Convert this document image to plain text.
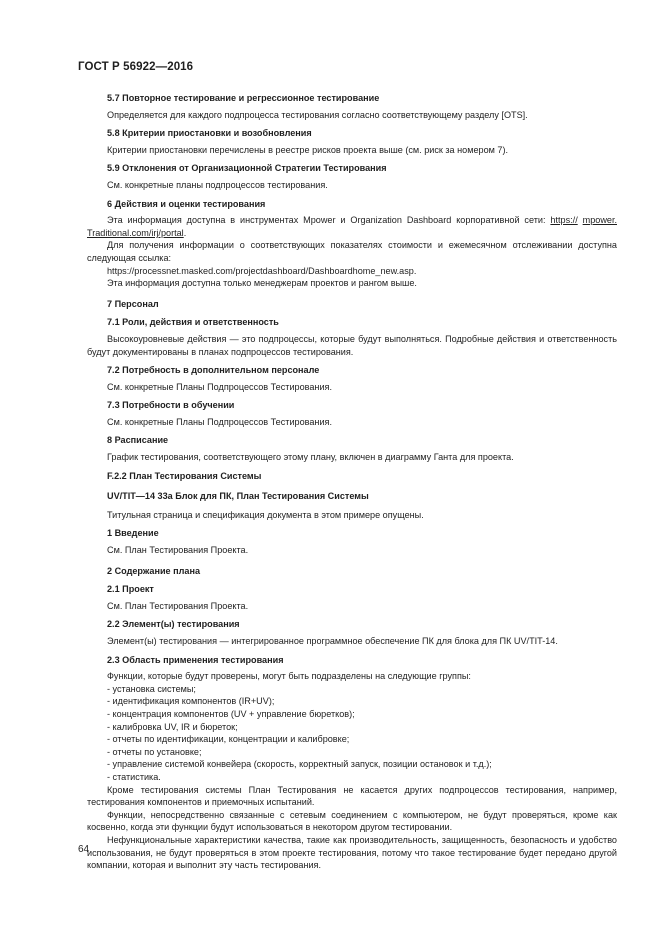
ГОСТ Р 56922—2016
5.7 Повторное тестирование и регрессионное тестирование

Определяется для каждого подпроцесса тестирования согласно соответствующему разделу [OTS].

5.8 Критерии приостановки и возобновления

Критерии приостановки перечислены в реестре рисков проекта выше (см. риск за номером 7).

5.9 Отклонения от Организационной Стратегии Тестирования

См. конкретные планы подпроцессов тестирования.

6 Действия и оценки тестирования

Эта информация доступна в инструментах Mpower и Organization Dashboard корпоративной сети: https:// mpower. Traditional.com/irj/portal.

Для получения информации о соответствующих показателях стоимости и ежемесячном отслеживании доступна следующая ссылка:

https://processnet.masked.com/projectdashboard/Dashboardhome_new.asp.

Эта информация доступна только менеджерам проектов и рангом выше.

7 Персонал
7.1 Роли, действия и ответственность

Высокоуровневые действия — это подпроцессы, которые будут выполняться. Подробные действия и ответственность будут документированы в планах подпроцессов тестирования.

7.2 Потребность в дополнительном персонале

См. конкретные Планы Подпроцессов Тестирования.

7.3 Потребности в обучении

См. конкретные Планы Подпроцессов Тестирования.

8 Расписание

График тестирования, соответствующего этому плану, включен в диаграмму Ганта для проекта.

F.2.2 План Тестирования Системы
UV/TIT—14 33а Блок для ПК, План Тестирования Системы

Титульная страница и спецификация документа в этом примере опущены.

1 Введение

См. План Тестирования Проекта.

2 Содержание плана
2.1 Проект

См. План Тестирования Проекта.

2.2 Элемент(ы) тестирования

Элемент(ы) тестирования — интегрированное программное обеспечение ПК для блока для ПК UV/TIT-14.

2.3 Область применения тестирования

Функции, которые будут проверены, могут быть подразделены на следующие группы:

- установка системы;

- идентификация компонентов (IR+UV);

- концентрация компонентов (UV + управление бюретков);

- калибровка UV, IR и бюреток;

- отчеты по идентификации, концентрации и калибровке;

- отчеты по установке;

- управление системой конвейера (скорость, корректный запуск, позиции остановок и т.д.);

- статистика.

Кроме тестирования системы План Тестирования не касается других подпроцессов тестирования, например, тестирования компонентов и приемочных испытаний.

Функции, непосредственно связанные с сетевым соединением с компьютером, не будут проверяться, кроме как косвенно, когда эти функции будут использоваться в некотором другом тестировании.

Нефункциональные характеристики качества, такие как производительность, защищенность, безопасность и удобство использования, не будут проверяться в этом проекте тестирования, потому что такое тестирование будет передано другой компании, которая и выполнит эту часть тестирования.

64
